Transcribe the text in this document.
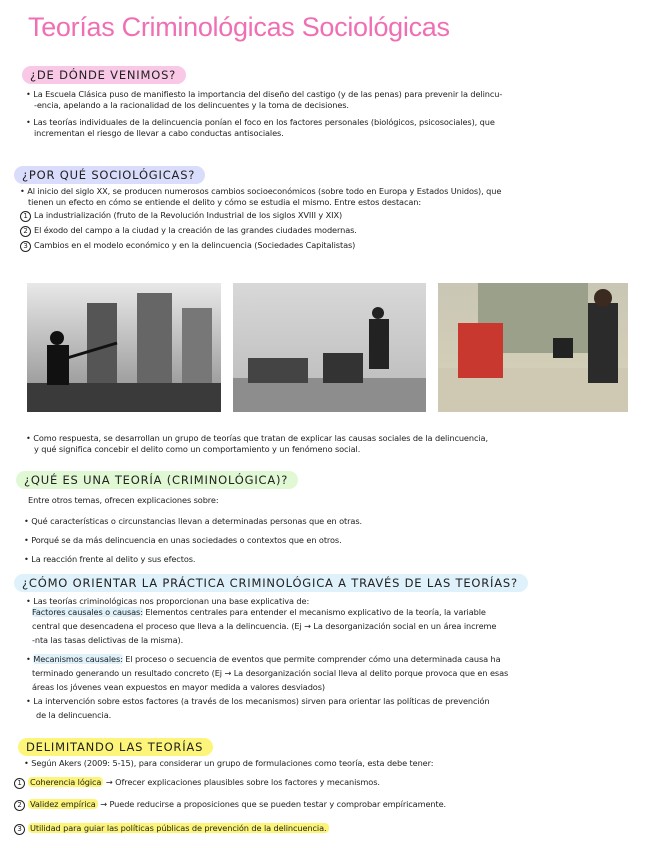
Teorías Criminológicas Sociológicas
¿DE DÓNDE VENIMOS?
• La Escuela Clásica puso de manifiesto la importancia del diseño del castigo (y de las penas) para prevenir la delincu-
-encia, apelando a la racionalidad de los delincuentes y la toma de decisiones.
• Las teorías individuales de la delincuencia ponían el foco en los factores personales (biológicos, psicosociales), que
incrementan el riesgo de llevar a cabo conductas antisociales.
¿POR QUÉ SOCIOLÓGICAS?
• Al inicio del siglo XX, se producen numerosos cambios socioeconómicos (sobre todo en Europa y Estados Unidos), que
tienen un efecto en cómo se entiende el delito y cómo se estudia el mismo. Entre estos destacan:
1 La industrialización (fruto de la Revolución Industrial de los siglos XVIII y XIX)
2 El éxodo del campo a la ciudad y la creación de las grandes ciudades modernas.
3 Cambios en el modelo económico y en la delincuencia (Sociedades Capitalistas)
• Como respuesta, se desarrollan un grupo de teorías que tratan de explicar las causas sociales de la delincuencia,
y qué significa concebir el delito como un comportamiento y un fenómeno social.
¿QUÉ ES UNA TEORÍA (CRIMINOLÓGICA)?
Entre otros temas, ofrecen explicaciones sobre:
• Qué características o circunstancias llevan a determinadas personas que en otras.
• Porqué se da más delincuencia en unas sociedades o contextos que en otros.
• La reacción frente al delito y sus efectos.
¿CÓMO ORIENTAR LA PRÁCTICA CRIMINOLÓGICA A TRAVÉS DE LAS TEORÍAS?
• Las teorías criminológicas nos proporcionan una base explicativa de:
Factores causales o causas: Elementos centrales para entender el mecanismo explicativo de la teoría, la variable
central que desencadena el proceso que lleva a la delincuencia. (Ej → La desorganización social en un área incremе
-nta las tasas delictivas de la misma).
• Mecanismos causales: El proceso o secuencia de eventos que permite comprender cómo una determinada causa ha
terminado generando un resultado concreto (Ej → La desorganización social lleva al delito porque provoca que en esas
áreas los jóvenes vean expuestos en mayor medida a valores desviados)
• La intervención sobre estos factores (a través de los mecanismos) sirven para orientar las políticas de prevención
de la delincuencia.
DELIMITANDO LAS TEORÍAS
• Según Akers (2009: 5-15), para considerar un grupo de formulaciones como teoría, esta debe tener:
1 Coherencia lógica → Ofrecer explicaciones plausibles sobre los factores y mecanismos.
2 Validez empírica → Puede reducirse a proposiciones que se pueden testar y comprobar empíricamente.
3 Utilidad para guiar las políticas públicas de prevención de la delincuencia.
